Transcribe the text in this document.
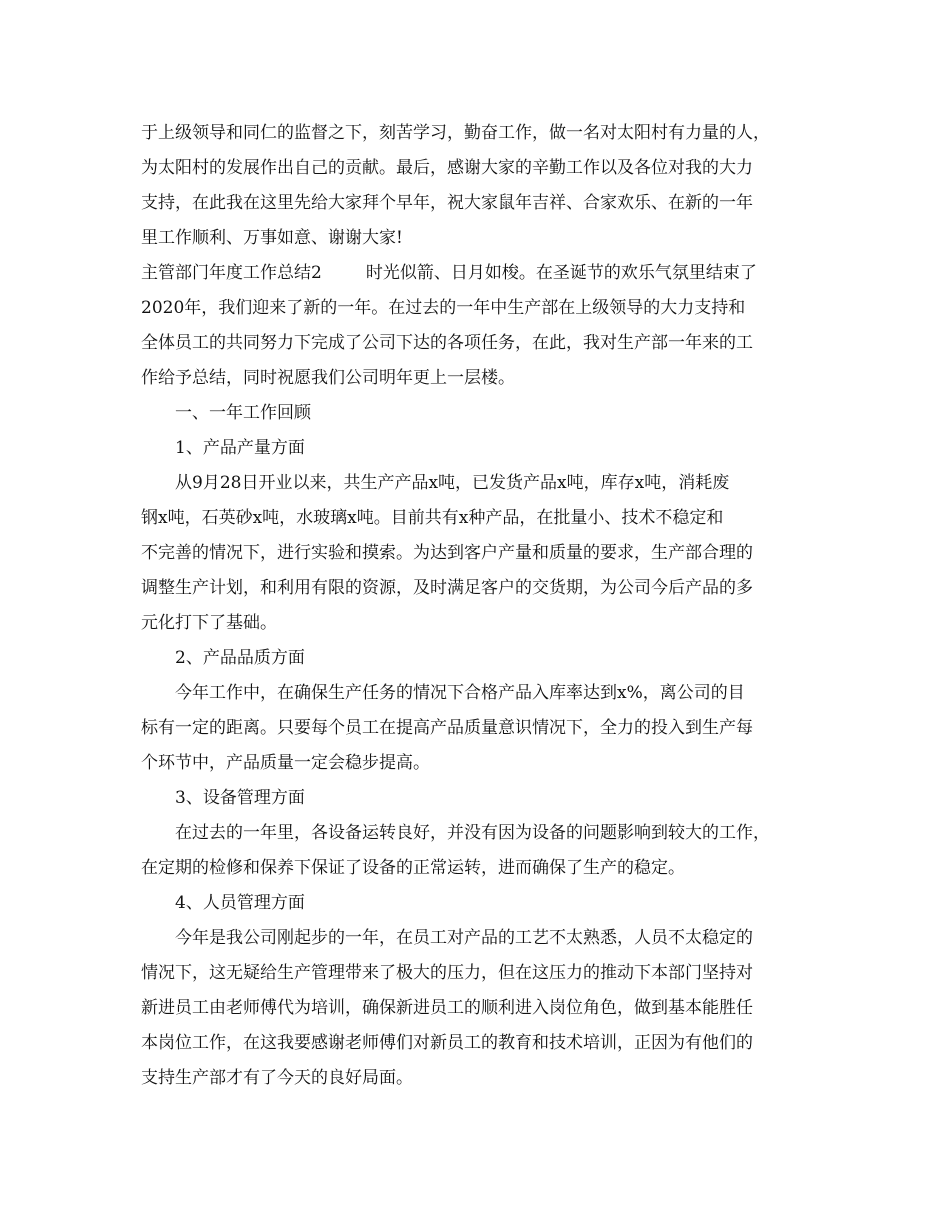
于上级领导和同仁的监督之下，刻苦学习，勤奋工作，做一名对太阳村有力量的人，
为太阳村的发展作出自己的贡献。最后，感谢大家的辛勤工作以及各位对我的大力
支持，在此我在这里先给大家拜个早年，祝大家鼠年吉祥、合家欢乐、在新的一年
里工作顺利、万事如意、谢谢大家!
主管部门年度工作总结2	时光似箭、日月如梭。在圣诞节的欢乐气氛里结束了
2020年，我们迎来了新的一年。在过去的一年中生产部在上级领导的大力支持和
全体员工的共同努力下完成了公司下达的各项任务，在此，我对生产部一年来的工
作给予总结，同时祝愿我们公司明年更上一层楼。
一、一年工作回顾
1、产品产量方面
从9月28日开业以来，共生产产品x吨，已发货产品x吨，库存x吨，消耗废
钢x吨，石英砂x吨，水玻璃x吨。目前共有x种产品，在批量小、技术不稳定和
不完善的情况下，进行实验和摸索。为达到客户产量和质量的要求，生产部合理的
调整生产计划，和利用有限的资源，及时满足客户的交货期，为公司今后产品的多
元化打下了基础。
2、产品品质方面
今年工作中，在确保生产任务的情况下合格产品入库率达到x%，离公司的目
标有一定的距离。只要每个员工在提高产品质量意识情况下，全力的投入到生产每
个环节中，产品质量一定会稳步提高。
3、设备管理方面
在过去的一年里，各设备运转良好，并没有因为设备的问题影响到较大的工作，
在定期的检修和保养下保证了设备的正常运转，进而确保了生产的稳定。
4、人员管理方面
今年是我公司刚起步的一年，在员工对产品的工艺不太熟悉，人员不太稳定的
情况下，这无疑给生产管理带来了极大的压力，但在这压力的推动下本部门坚持对
新进员工由老师傅代为培训，确保新进员工的顺利进入岗位角色，做到基本能胜任
本岗位工作，在这我要感谢老师傅们对新员工的教育和技术培训，正因为有他们的
支持生产部才有了今天的良好局面。
